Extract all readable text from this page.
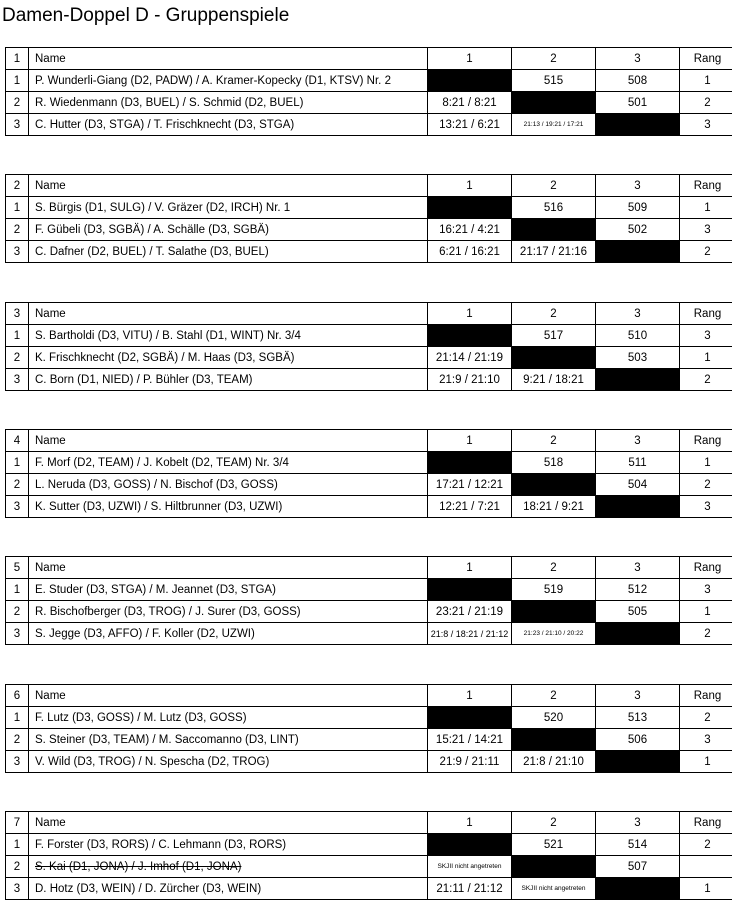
Damen-Doppel D - Gruppenspiele
1	Name	1	2	3	Rang
1	P. Wunderli-Giang (D2, PADW) / A. Kramer-Kopecky (D1, KTSV) Nr. 2		515	508	1
2	R. Wiedenmann (D3, BUEL) / S. Schmid (D2, BUEL)	8:21 / 8:21		501	2
3	C. Hutter (D3, STGA) / T. Frischknecht (D3, STGA)	13:21 / 6:21	21:13 / 19:21 / 17:21		3
2	Name	1	2	3	Rang
1	S. Bürgis (D1, SULG) / V. Gräzer (D2, IRCH) Nr. 1		516	509	1
2	F. Gübeli (D3, SGBÄ) / A. Schälle (D3, SGBÄ)	16:21 / 4:21		502	3
3	C. Dafner (D2, BUEL) / T. Salathe (D3, BUEL)	6:21 / 16:21	21:17 / 21:16		2
3	Name	1	2	3	Rang
1	S. Bartholdi (D3, VITU) / B. Stahl (D1, WINT) Nr. 3/4		517	510	3
2	K. Frischknecht (D2, SGBÄ) / M. Haas (D3, SGBÄ)	21:14 / 21:19		503	1
3	C. Born (D1, NIED) / P. Bühler (D3, TEAM)	21:9 / 21:10	9:21 / 18:21		2
4	Name	1	2	3	Rang
1	F. Morf (D2, TEAM) / J. Kobelt (D2, TEAM) Nr. 3/4		518	511	1
2	L. Neruda (D3, GOSS) / N. Bischof (D3, GOSS)	17:21 / 12:21		504	2
3	K. Sutter (D3, UZWI) / S. Hiltbrunner (D3, UZWI)	12:21 / 7:21	18:21 / 9:21		3
5	Name	1	2	3	Rang
1	E. Studer (D3, STGA) / M. Jeannet (D3, STGA)		519	512	3
2	R. Bischofberger (D3, TROG) / J. Surer (D3, GOSS)	23:21 / 21:19		505	1
3	S. Jegge (D3, AFFO) / F. Koller (D2, UZWI)	21:8 / 18:21 / 21:12	21:23 / 21:10 / 20:22		2
6	Name	1	2	3	Rang
1	F. Lutz (D3, GOSS) / M. Lutz (D3, GOSS)		520	513	2
2	S. Steiner (D3, TEAM) / M. Saccomanno (D3, LINT)	15:21 / 14:21		506	3
3	V. Wild (D3, TROG) / N. Spescha (D2, TROG)	21:9 / 21:11	21:8 / 21:10		1
7	Name	1	2	3	Rang
1	F. Forster (D3, RORS) / C. Lehmann (D3, RORS)		521	514	2
2	S. Kai (D1, JONA) / J. Imhof (D1, JONA)	SKJII nicht angetreten		507	
3	D. Hotz (D3, WEIN) / D. Zürcher (D3, WEIN)	21:11 / 21:12	SKJII nicht angetreten		1
